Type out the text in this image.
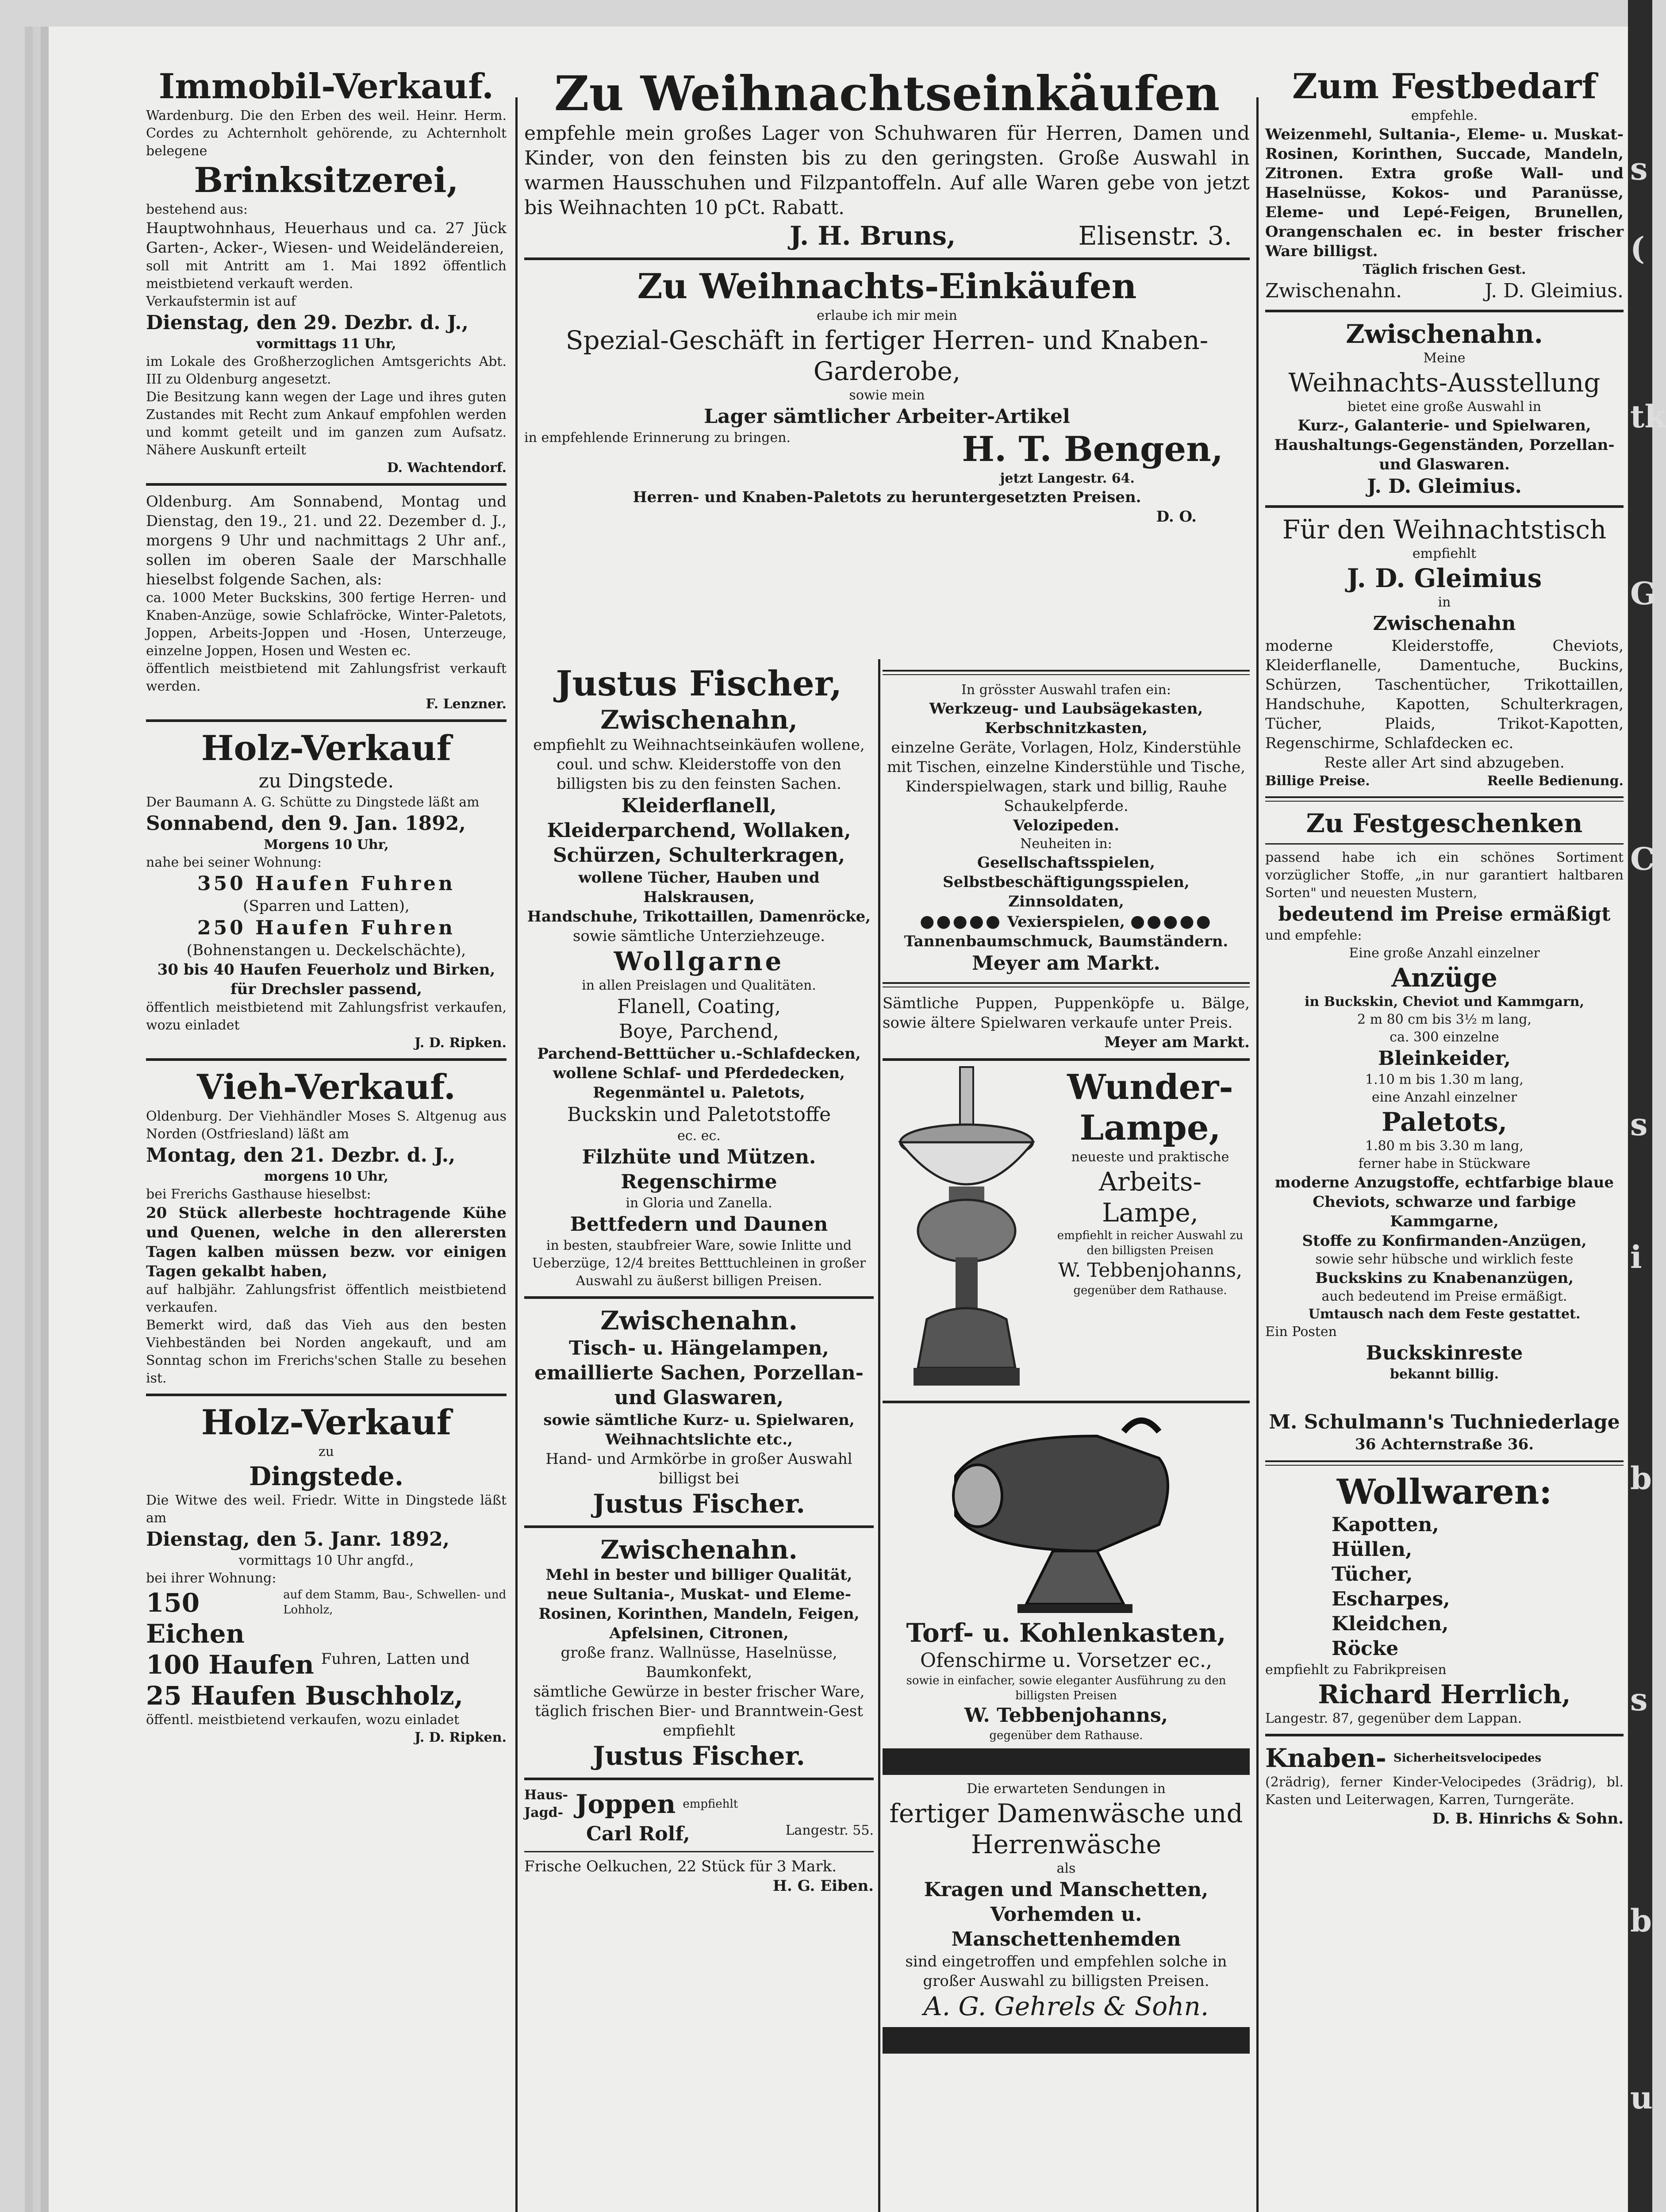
s
(
tk
G
C
s
i
b
s
b
u
Immobil-Verkauf.
Wardenburg. Die den Erben des weil. Heinr. Herm. Cordes zu Achternholt gehörende, zu Achternholt belegene
Brinksitzerei,
bestehend aus:
Hauptwohnhaus, Heuerhaus und ca. 27 Jück Garten-, Acker-, Wiesen- und Weideländereien,
soll mit Antritt am 1. Mai 1892 öffentlich meistbietend verkauft werden.
Verkaufstermin ist auf
Dienstag, den 29. Dezbr. d. J.,
vormittags 11 Uhr,
im Lokale des Großherzoglichen Amtsgerichts Abt. III zu Oldenburg angesetzt.
Die Besitzung kann wegen der Lage und ihres guten Zustandes mit Recht zum Ankauf empfohlen werden und kommt geteilt und im ganzen zum Aufsatz. Nähere Auskunft erteilt
D. Wachtendorf.
Oldenburg. Am Sonnabend, Montag und Dienstag, den 19., 21. und 22. Dezember d. J., morgens 9 Uhr und nachmittags 2 Uhr anf., sollen im oberen Saale der Marschhalle hieselbst folgende Sachen, als:
ca. 1000 Meter Buckskins, 300 fertige Herren- und Knaben-Anzüge, sowie Schlafröcke, Winter-Paletots, Joppen, Arbeits-Joppen und -Hosen, Unterzeuge, einzelne Joppen, Hosen und Westen ec.
öffentlich meistbietend mit Zahlungsfrist verkauft werden.
F. Lenzner.
Holz-Verkauf
zu Dingstede.
Der Baumann A. G. Schütte zu Dingstede läßt am
Sonnabend, den 9. Jan. 1892,
Morgens 10 Uhr,
nahe bei seiner Wohnung:
350 Haufen Fuhren
(Sparren und Latten),
250 Haufen Fuhren
(Bohnenstangen u. Deckelschächte),
30 bis 40 Haufen Feuerholz und Birken, für Drechsler passend,
öffentlich meistbietend mit Zahlungsfrist verkaufen, wozu einladet
J. D. Ripken.
Vieh-Verkauf.
Oldenburg. Der Viehhändler Moses S. Altgenug aus Norden (Ostfriesland) läßt am
Montag, den 21. Dezbr. d. J.,
morgens 10 Uhr,
bei Frerichs Gasthause hieselbst:
20 Stück allerbeste hochtragende Kühe und Quenen, welche in den allerersten Tagen kalben müssen bezw. vor einigen Tagen gekalbt haben,
auf halbjähr. Zahlungsfrist öffentlich meistbietend verkaufen.
Bemerkt wird, daß das Vieh aus den besten Viehbeständen bei Norden angekauft, und am Sonntag schon im Frerichs'schen Stalle zu besehen ist.
Holz-Verkauf
zu
Dingstede.
Die Witwe des weil. Friedr. Witte in Dingstede läßt am
Dienstag, den 5. Janr. 1892,
vormittags 10 Uhr angfd.,
bei ihrer Wohnung:
150 Eichen
auf dem Stamm, Bau-, Schwellen- und Lohholz,
100 Haufen Fuhren, Latten und
25 Haufen Buschholz,
öffentl. meistbietend verkaufen, wozu einladet
J. D. Ripken.
Zu Weihnachtseinkäufen
empfehle mein großes Lager von Schuhwaren für Herren, Damen und Kinder, von den feinsten bis zu den geringsten. Große Auswahl in warmen Hausschuhen und Filzpantoffeln. Auf alle Waren gebe von jetzt bis Weihnachten 10 pCt. Rabatt.
J. H. Bruns,	Elisenstr. 3.
Zu Weihnachts-Einkäufen
erlaube ich mir mein
Spezial-Geschäft in fertiger Herren- und Knaben-Garderobe,
sowie mein
Lager sämtlicher Arbeiter-Artikel
in empfehlende Erinnerung zu bringen.	H. T. Bengen,
jetzt Langestr. 64.
Herren- und Knaben-Paletots zu heruntergesetzten Preisen.
D. O.
Justus Fischer,
Zwischenahn,
empfiehlt zu Weihnachtseinkäufen wollene, coul. und schw. Kleiderstoffe von den billigsten bis zu den feinsten Sachen.
Kleiderflanell, Kleiderparchend, Wollaken, Schürzen, Schulterkragen,
wollene Tücher, Hauben und Halskrausen,
Handschuhe, Trikottaillen, Damenröcke,
sowie sämtliche Unterziehzeuge.
Wollgarne
in allen Preislagen und Qualitäten.
Flanell, Coating,
Boye, Parchend,
Parchend-Betttücher u.-Schlafdecken, wollene Schlaf- und Pferdedecken, Regenmäntel u. Paletots,
Buckskin und Paletotstoffe
ec. ec.
Filzhüte und Mützen.
Regenschirme
in Gloria und Zanella.
Bettfedern und Daunen
in besten, staubfreier Ware, sowie Inlitte und Ueberzüge, 12/4 breites Betttuchleinen in großer Auswahl zu äußerst billigen Preisen.
Zwischenahn.
Tisch- u. Hängelampen, emaillierte Sachen, Porzellan- und Glaswaren,
sowie sämtliche Kurz- u. Spielwaren, Weihnachtslichte etc.,
Hand- und Armkörbe in großer Auswahl billigst bei
Justus Fischer.
Zwischenahn.
Mehl in bester und billiger Qualität, neue Sultania-, Muskat- und Eleme-Rosinen, Korinthen, Mandeln, Feigen, Apfelsinen, Citronen,
große franz. Wallnüsse, Haselnüsse, Baumkonfekt,
sämtliche Gewürze in bester frischer Ware, täglich frischen Bier- und Branntwein-Gest empfiehlt
Justus Fischer.
Haus- Jagd- Joppen empfiehlt
Carl Rolf,	Langestr. 55.
Frische Oelkuchen, 22 Stück für 3 Mark.
H. G. Eiben.
In grösster Auswahl trafen ein:
Werkzeug- und Laubsägekasten, Kerbschnitzkasten,
einzelne Geräte, Vorlagen, Holz, Kinderstühle mit Tischen, einzelne Kinderstühle und Tische, Kinderspielwagen, stark und billig, Rauhe Schaukelpferde.
Velozipeden.
Neuheiten in:
Gesellschaftsspielen, Selbstbeschäftigungsspielen, Zinnsoldaten,
●●●●● Vexierspielen, ●●●●●
Tannenbaumschmuck, Baumständern.
Meyer am Markt.
Sämtliche Puppen, Puppenköpfe u. Bälge, sowie ältere Spielwaren verkaufe unter Preis.
Meyer am Markt.
Wunder-Lampe,
neueste und praktische
Arbeits-Lampe,
empfiehlt in reicher Auswahl zu den billigsten Preisen
W. Tebbenjohanns,
gegenüber dem Rathause.
Torf- u. Kohlenkasten,
Ofenschirme u. Vorsetzer ec.,
sowie in einfacher, sowie eleganter Ausführung zu den billigsten Preisen
W. Tebbenjohanns,
gegenüber dem Rathause.
Die erwarteten Sendungen in
fertiger Damenwäsche und Herrenwäsche
als
Kragen und Manschetten, Vorhemden u. Manschettenhemden
sind eingetroffen und empfehlen solche in großer Auswahl zu billigsten Preisen.
A. G. Gehrels & Sohn.
Zum Festbedarf
empfehle.
Weizenmehl, Sultania-, Eleme- u. Muskat-Rosinen, Korinthen, Succade, Mandeln, Zitronen. Extra große Wall- und Haselnüsse, Kokos- und Paranüsse, Eleme- und Lepé-Feigen, Brunellen, Orangenschalen ec. in bester frischer Ware billigst.
Täglich frischen Gest.
Zwischenahn.	J. D. Gleimius.
Zwischenahn.
Meine
Weihnachts-Ausstellung
bietet eine große Auswahl in
Kurz-, Galanterie- und Spielwaren,
Haushaltungs-Gegenständen, Porzellan- und Glaswaren.
J. D. Gleimius.
Für den Weihnachtstisch
empfiehlt
J. D. Gleimius
in
Zwischenahn
moderne Kleiderstoffe, Cheviots, Kleiderflanelle, Damentuche, Buckins, Schürzen, Taschentücher, Trikottaillen, Handschuhe, Kapotten, Schulterkragen, Tücher, Plaids, Trikot-Kapotten, Regenschirme, Schlafdecken ec.
Reste aller Art sind abzugeben.
Billige Preise.	Reelle Bedienung.
Zu Festgeschenken
passend habe ich ein schönes Sortiment vorzüglicher Stoffe, „in nur garantiert haltbaren Sorten" und neuesten Mustern,
bedeutend im Preise ermäßigt
und empfehle:
Eine große Anzahl einzelner
Anzüge
in Buckskin, Cheviot und Kammgarn,
2 m 80 cm bis 3½ m lang,
ca. 300 einzelne
Bleinkeider,
1.10 m bis 1.30 m lang,
eine Anzahl einzelner
Paletots,
1.80 m bis 3.30 m lang,
ferner habe in Stückware
moderne Anzugstoffe, echtfarbige blaue Cheviots, schwarze und farbige Kammgarne,
Stoffe zu Konfirmanden-Anzügen,
sowie sehr hübsche und wirklich feste
Buckskins zu Knabenanzügen,
auch bedeutend im Preise ermäßigt.
Umtausch nach dem Feste gestattet.
Ein Posten
Buckskinreste
bekannt billig.
M. Schulmann's Tuchniederlage
36 Achternstraße 36.
Wollwaren:
Kapotten,
Hüllen,
Tücher,
Escharpes,
Kleidchen,
Röcke
empfiehlt zu Fabrikpreisen
Richard Herrlich,
Langestr. 87, gegenüber dem Lappan.
Knaben- Sicherheitsvelocipedes
(2rädrig), ferner Kinder-Velocipedes (3rädrig), bl. Kasten und Leiterwagen, Karren, Turngeräte.
D. B. Hinrichs & Sohn.
